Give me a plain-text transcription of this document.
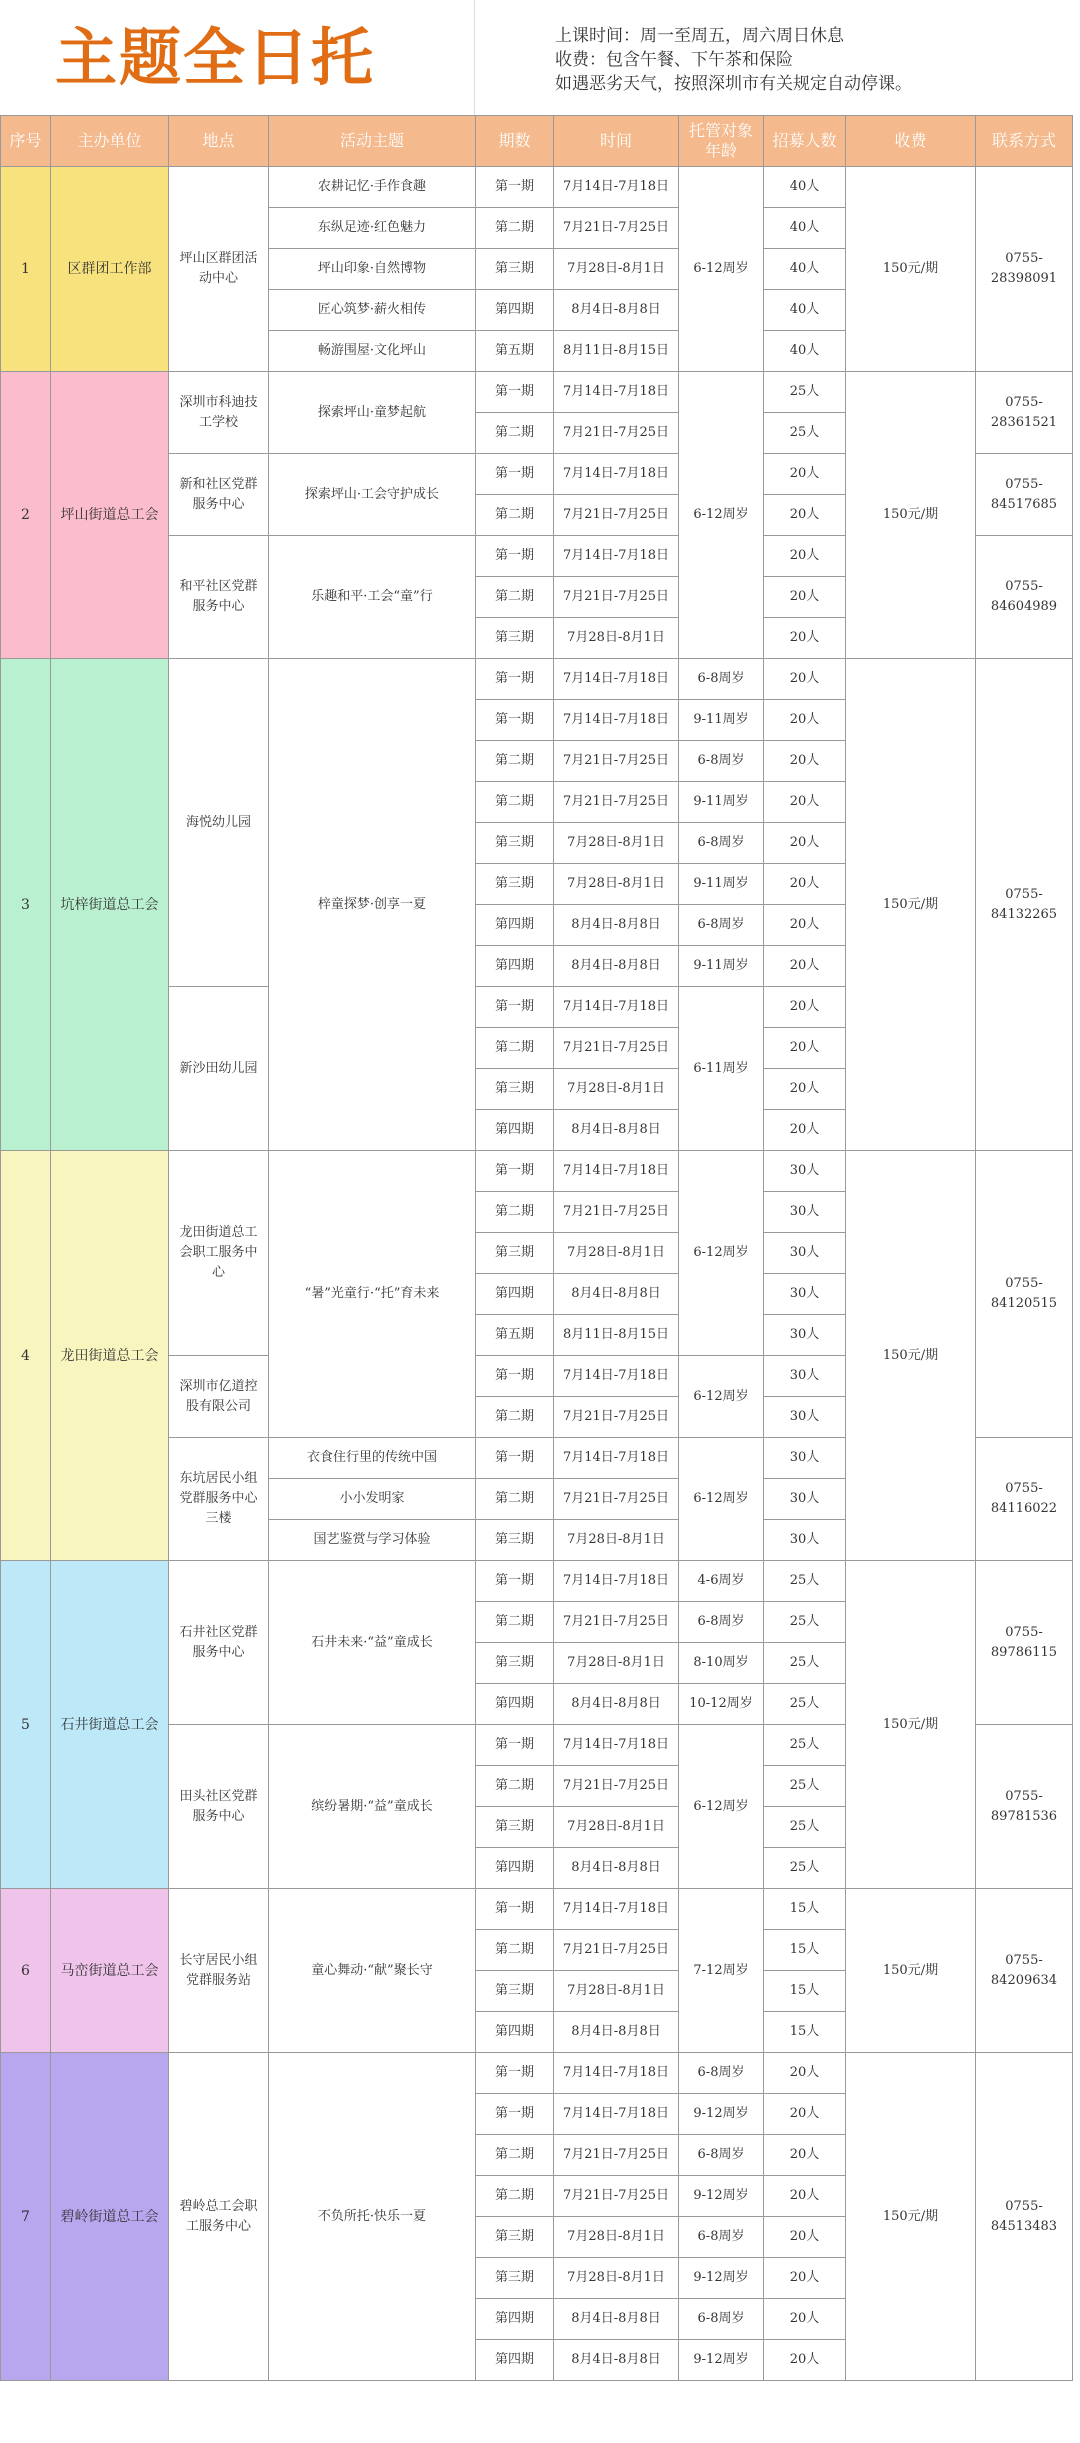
主题全日托	上课时间：周一至周五，周六周日休息
收费：包含午餐、下午茶和保险
如遇恶劣天气，按照深圳市有关规定自动停课。
序号	主办单位	地点	活动主题	期数	时间	托管对象年龄	招募人数	收费	联系方式
1	区群团工作部	坪山区群团活动中心	农耕记忆·手作食趣	第一期	7月14日-7月18日	6-12周岁	40人	150元/期	0755-28398091
			东纵足迹·红色魅力	第二期	7月21日-7月25日		40人		
			坪山印象·自然博物	第三期	7月28日-8月1日		40人		
			匠心筑梦·薪火相传	第四期	8月4日-8月8日		40人		
			畅游围屋·文化坪山	第五期	8月11日-8月15日		40人		
2	坪山街道总工会	深圳市科迪技工学校	探索坪山·童梦起航	第一期	7月14日-7月18日	6-12周岁	25人	150元/期	0755-28361521
				第二期	7月21日-7月25日		25人		
		新和社区党群服务中心	探索坪山·工会守护成长	第一期	7月14日-7月18日		20人		0755-84517685
				第二期	7月21日-7月25日		20人		
		和平社区党群服务中心	乐趣和平·工会“童”行	第一期	7月14日-7月18日		20人		0755-84604989
				第二期	7月21日-7月25日		20人		
				第三期	7月28日-8月1日		20人		
3	坑梓街道总工会	海悦幼儿园	梓童探梦·创享一夏	第一期	7月14日-7月18日	6-8周岁	20人	150元/期	0755-84132265
				第一期	7月14日-7月18日	9-11周岁	20人		
				第二期	7月21日-7月25日	6-8周岁	20人		
				第二期	7月21日-7月25日	9-11周岁	20人		
				第三期	7月28日-8月1日	6-8周岁	20人		
				第三期	7月28日-8月1日	9-11周岁	20人		
				第四期	8月4日-8月8日	6-8周岁	20人		
				第四期	8月4日-8月8日	9-11周岁	20人		
		新沙田幼儿园		第一期	7月14日-7月18日	6-11周岁	20人		
				第二期	7月21日-7月25日		20人		
				第三期	7月28日-8月1日		20人		
				第四期	8月4日-8月8日		20人		
4	龙田街道总工会	龙田街道总工会职工服务中心	“暑”光童行·“托”育未来	第一期	7月14日-7月18日	6-12周岁	30人	150元/期	0755-84120515
				第二期	7月21日-7月25日		30人		
				第三期	7月28日-8月1日		30人		
				第四期	8月4日-8月8日		30人		
				第五期	8月11日-8月15日		30人		
		深圳市亿道控股有限公司		第一期	7月14日-7月18日	6-12周岁	30人		
				第二期	7月21日-7月25日		30人		
		东坑居民小组党群服务中心三楼	衣食住行里的传统中国	第一期	7月14日-7月18日	6-12周岁	30人		0755-84116022
			小小发明家	第二期	7月21日-7月25日		30人		
			国艺鉴赏与学习体验	第三期	7月28日-8月1日		30人		
5	石井街道总工会	石井社区党群服务中心	石井未来·“益”童成长	第一期	7月14日-7月18日	4-6周岁	25人	150元/期	0755-89786115
				第二期	7月21日-7月25日	6-8周岁	25人		
				第三期	7月28日-8月1日	8-10周岁	25人		
				第四期	8月4日-8月8日	10-12周岁	25人		
		田头社区党群服务中心	缤纷暑期·“益”童成长	第一期	7月14日-7月18日	6-12周岁	25人		0755-89781536
				第二期	7月21日-7月25日		25人		
				第三期	7月28日-8月1日		25人		
				第四期	8月4日-8月8日		25人		
6	马峦街道总工会	长守居民小组党群服务站	童心舞动·“献”聚长守	第一期	7月14日-7月18日	7-12周岁	15人	150元/期	0755-84209634
				第二期	7月21日-7月25日		15人		
				第三期	7月28日-8月1日		15人		
				第四期	8月4日-8月8日		15人		
7	碧岭街道总工会	碧岭总工会职工服务中心	不负所托·快乐一夏	第一期	7月14日-7月18日	6-8周岁	20人	150元/期	0755-84513483
				第一期	7月14日-7月18日	9-12周岁	20人		
				第二期	7月21日-7月25日	6-8周岁	20人		
				第二期	7月21日-7月25日	9-12周岁	20人		
				第三期	7月28日-8月1日	6-8周岁	20人		
				第三期	7月28日-8月1日	9-12周岁	20人		
				第四期	8月4日-8月8日	6-8周岁	20人		
				第四期	8月4日-8月8日	9-12周岁	20人		
